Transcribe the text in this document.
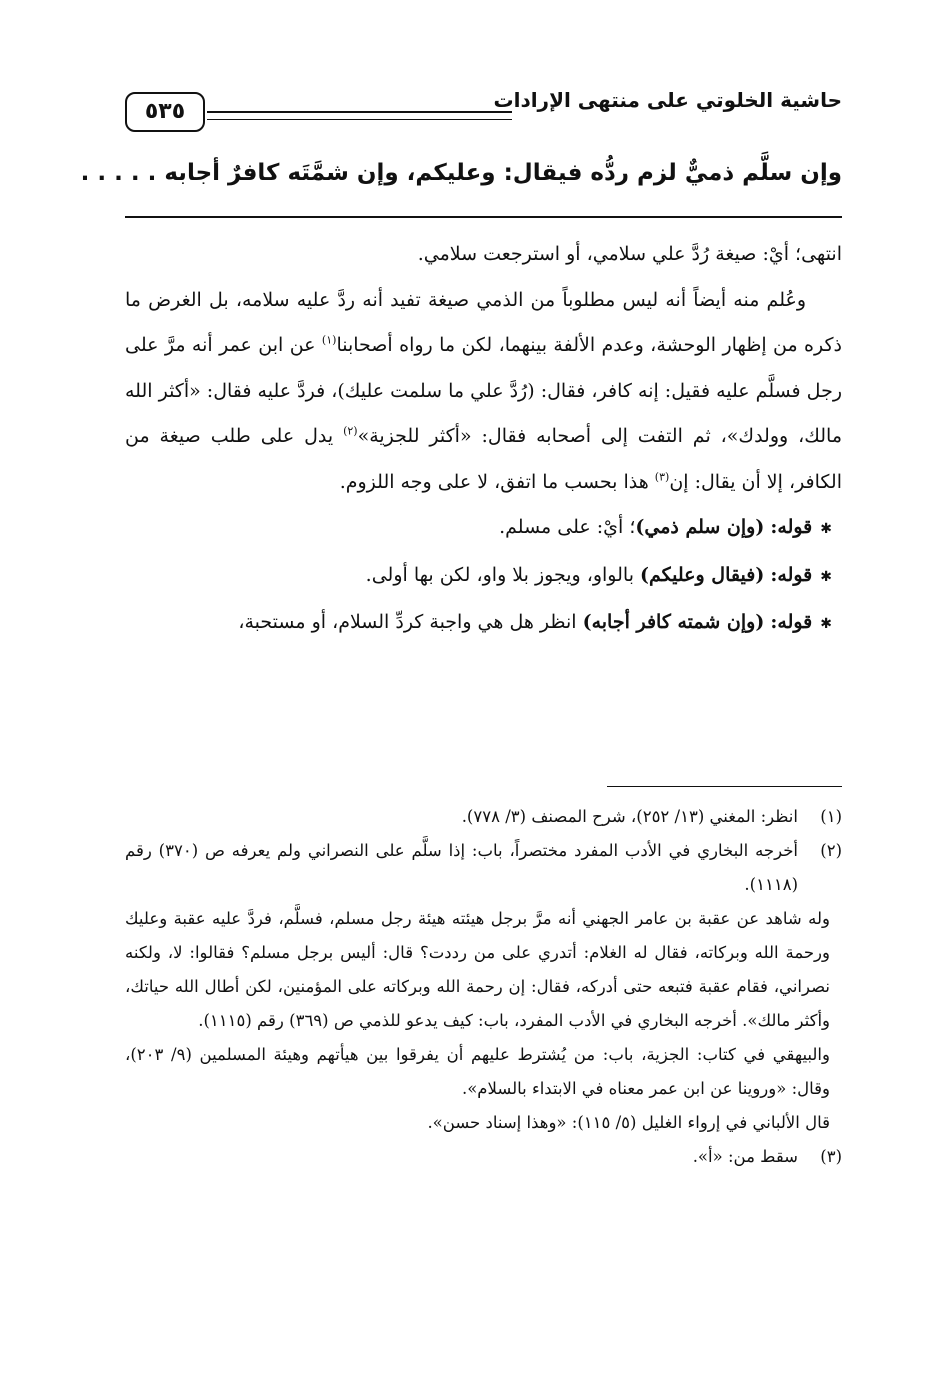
حاشية الخلوتي على منتهى الإرادات
٥٣٥
وإن سلَّم ذميٌّ لزم ردُّه فيقال: وعليكم، وإن شمَّتَه كافرٌ أجابه . . . . .

انتهى؛ أيْ: صيغة رُدَّ علي سلامي، أو استرجعت سلامي.

وعُلم منه أيضاً أنه ليس مطلوباً من الذمي صيغة تفيد أنه ردَّ عليه سلامه، بل الغرض ما ذكره من إظهار الوحشة، وعدم الألفة بينهما، لكن ما رواه أصحابنا$^{(١)}$ عن ابن عمر أنه مرَّ على رجل فسلَّم عليه فقيل: إنه كافر، فقال: (رُدَّ علي ما سلمت عليك)، فردَّ عليه فقال: «أكثر الله مالك، وولدك»، ثم التفت إلى أصحابه فقال: «أكثر للجزية»$^{(٢)}$ يدل على طلب صيغة من الكافر، إلا أن يقال: إن$^{(٣)}$ هذا بحسب ما اتفق، لا على وجه اللزوم.

✱قوله: (وإن سلم ذمي)؛ أيْ: على مسلم.

✱قوله: (فيقال وعليكم) بالواو، ويجوز بلا واو، لكن بها أولى.

✱قوله: (وإن شمته كافر أجابه) انظر هل هي واجبة كردِّ السلام، أو مستحبة،

(١)
انظر: المغني (١٣/ ٢٥٢)، شرح المصنف (٣/ ٧٧٨).

(٢)
أخرجه البخاري في الأدب المفرد مختصراً، باب: إذا سلَّم على النصراني ولم يعرفه ص (٣٧٠) رقم (١١١٨).

وله شاهد عن عقبة بن عامر الجهني أنه مرَّ برجل هيئته هيئة رجل مسلم، فسلَّم، فردَّ عليه عقبة وعليك ورحمة الله وبركاته، فقال له الغلام: أتدري على من رددت؟ قال: أليس برجل مسلم؟ فقالوا: لا، ولكنه نصراني، فقام عقبة فتبعه حتى أدركه، فقال: إن رحمة الله وبركاته على المؤمنين، لكن أطال الله حياتك، وأكثر مالك». أخرجه البخاري في الأدب المفرد، باب: كيف يدعو للذمي ص (٣٦٩) رقم (١١١٥).

والبيهقي في كتاب: الجزية، باب: من يُشترط عليهم أن يفرقوا بين هيأتهم وهيئة المسلمين (٩/ ٢٠٣)، وقال: «وروينا عن ابن عمر معناه في الابتداء بالسلام».

قال الألباني في إرواء الغليل (٥/ ١١٥): «وهذا إسناد حسن».

(٣)
سقط من: «أ».
